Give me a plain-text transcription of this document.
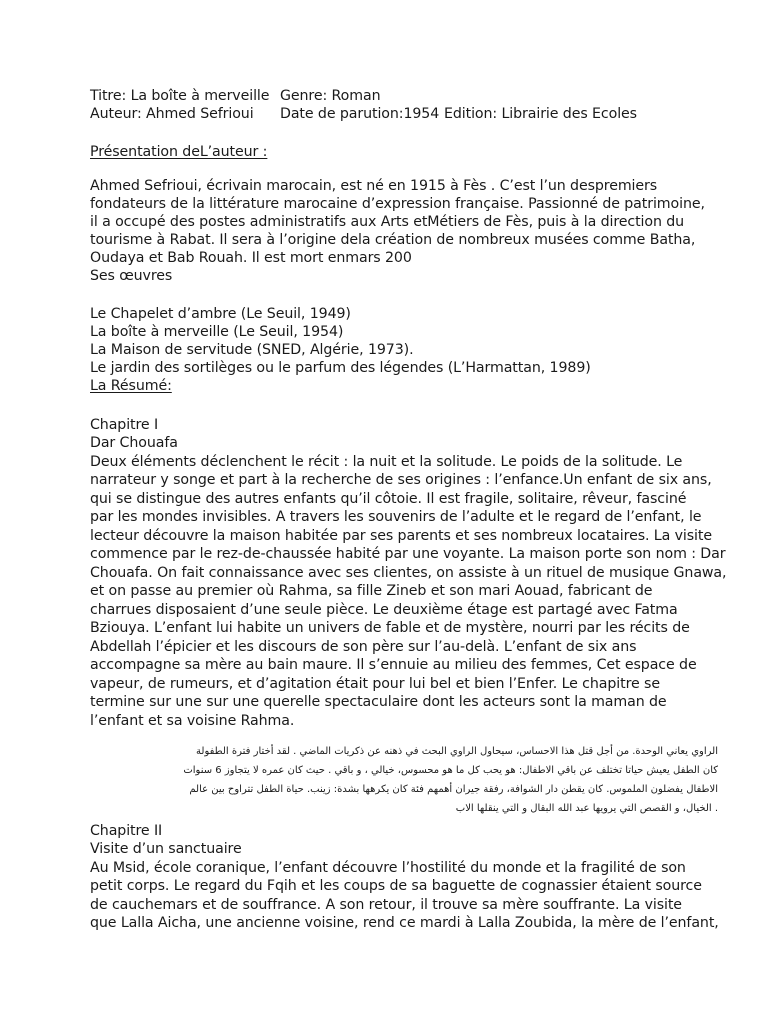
Titre: La boîte à merveille Genre: Roman
Auteur: Ahmed Sefrioui Date de parution:1954 Edition: Librairie des Ecoles
Présentation deL’auteur :
Ahmed Sefrioui, écrivain marocain, est né en 1915 à Fès . C’est l’un despremiers
fondateurs de la littérature marocaine d’expression française. Passionné de patrimoine,
il a occupé des postes administratifs aux Arts etMétiers de Fès, puis à la direction du
tourisme à Rabat. Il sera à l’origine dela création de nombreux musées comme Batha,
Oudaya et Bab Rouah. Il est mort enmars 200
Ses œuvres
Le Chapelet d’ambre (Le Seuil, 1949)
La boîte à merveille (Le Seuil, 1954)
La Maison de servitude (SNED, Algérie, 1973).
Le jardin des sortilèges ou le parfum des légendes (L’Harmattan, 1989)
La Résumé:
Chapitre I
Dar Chouafa
Deux éléments déclenchent le récit : la nuit et la solitude. Le poids de la solitude. Le
narrateur y songe et part à la recherche de ses origines : l’enfance.Un enfant de six ans,
qui se distingue des autres enfants qu’il côtoie. Il est fragile, solitaire, rêveur, fasciné
par les mondes invisibles. A travers les souvenirs de l’adulte et le regard de l’enfant, le
lecteur découvre la maison habitée par ses parents et ses nombreux locataires. La visite
commence par le rez-de-chaussée habité par une voyante. La maison porte son nom : Dar
Chouafa. On fait connaissance avec ses clientes, on assiste à un rituel de musique Gnawa,
et on passe au premier où Rahma, sa fille Zineb et son mari Aouad, fabricant de
charrues disposaient d’une seule pièce. Le deuxième étage est partagé avec Fatma
Bziouya. L’enfant lui habite un univers de fable et de mystère, nourri par les récits de
Abdellah l’épicier et les discours de son père sur l’au-delà. L’enfant de six ans
accompagne sa mère au bain maure. Il s’ennuie au milieu des femmes, Cet espace de
vapeur, de rumeurs, et d’agitation était pour lui bel et bien l’Enfer. Le chapitre se
termine sur une sur une querelle spectaculaire dont les acteurs sont la maman de
l’enfant et sa voisine Rahma.
الراوي يعاني الوحدة. من أجل قتل هذا الاحساس، سيحاول الراوي البحث في ذهنه عن ذكريات الماضي . لقد أختار فترة الطفولة
كان الطفل يعيش حياتا تختلف عن باقي الاطفال: هو يحب كل ما هو محسوس، خيالي ، و باقي . حيث كان عمره لا يتجاوز 6 سنوات
الاطفال يفضلون الملموس. كان يقطن دار الشوافة، رفقة جيران أهمهم فئة كان يكرهها بشدة: زينب. حياة الطفل تتراوح بين عالم
. الخيال، و القصص التي يرويها عبد الله البقال و التي ينقلها الاب
Chapitre II
Visite d’un sanctuaire
Au Msid, école coranique, l’enfant découvre l’hostilité du monde et la fragilité de son
petit corps. Le regard du Fqih et les coups de sa baguette de cognassier étaient source
de cauchemars et de souffrance. A son retour, il trouve sa mère souffrante. La visite
que Lalla Aicha, une ancienne voisine, rend ce mardi à Lalla Zoubida, la mère de l’enfant,
